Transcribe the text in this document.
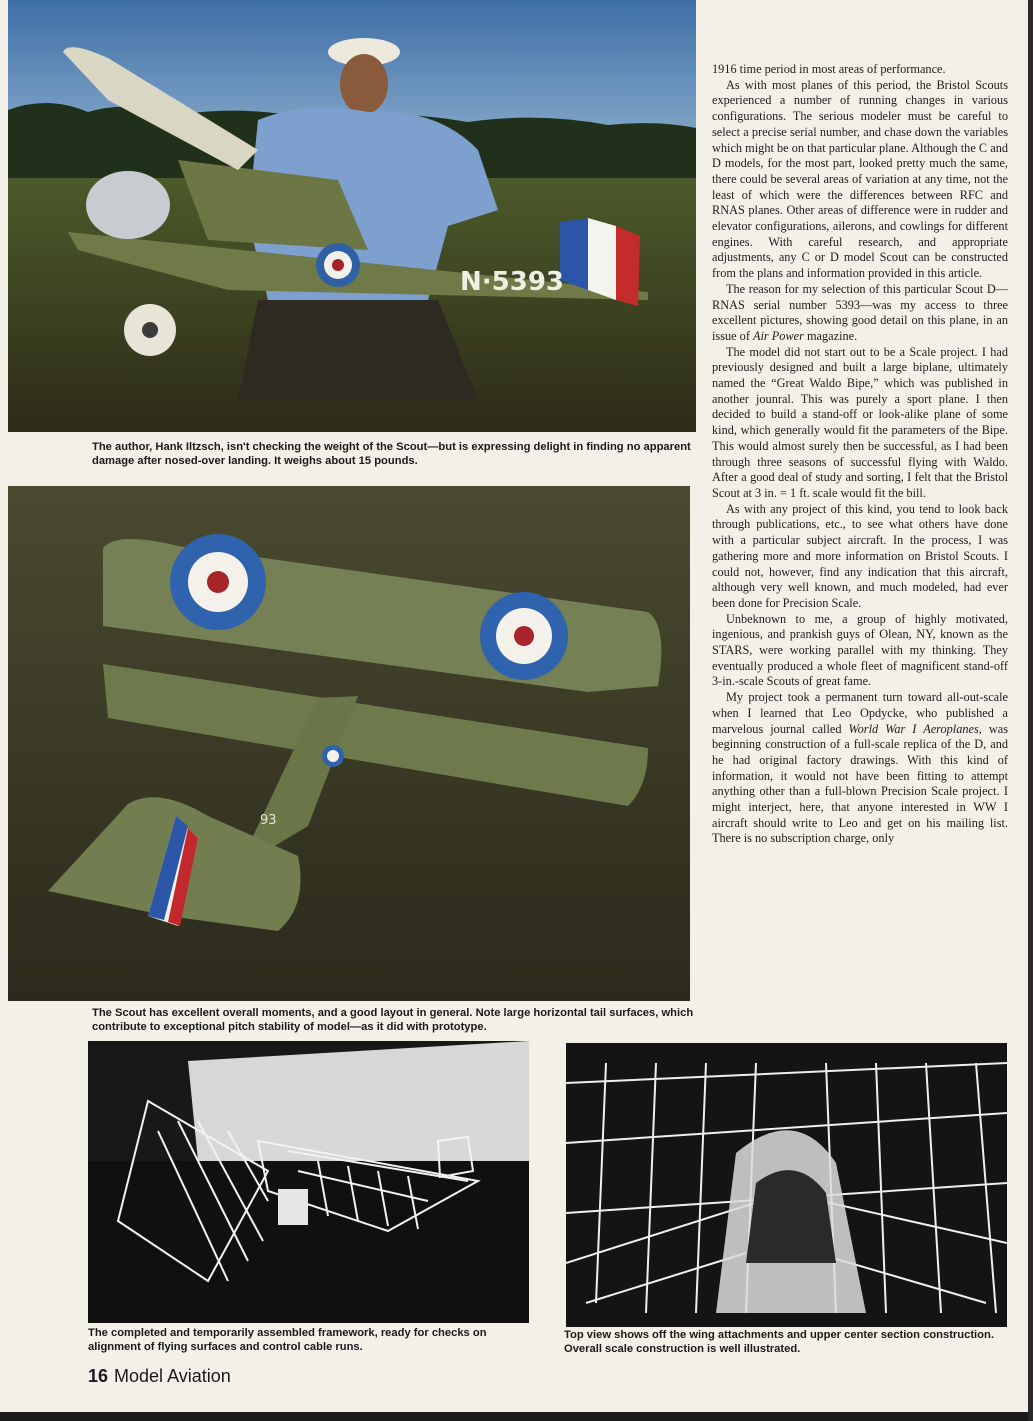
N·5393

The author, Hank Iltzsch, isn't checking the weight of the Scout—but is expressing delight in finding no apparent damage after nosed-over landing. It weighs about 15 pounds.

93

The Scout has excellent overall moments, and a good layout in general. Note large horizontal tail surfaces, which contribute to exceptional pitch stability of model—as it did with prototype.

The completed and temporarily assembled framework, ready for checks on alignment of flying surfaces and control cable runs.

Top view shows off the wing attachments and upper center section construction. Overall scale construction is well illustrated.

1916 time period in most areas of performance.

As with most planes of this period, the Bristol Scouts experienced a number of running changes in various configurations. The serious modeler must be careful to select a precise serial number, and chase down the variables which might be on that particular plane. Although the C and D models, for the most part, looked pretty much the same, there could be several areas of variation at any time, not the least of which were the differences between RFC and RNAS planes. Other areas of difference were in rudder and elevator configurations, ailerons, and cowlings for different engines. With careful research, and appropriate adjustments, any C or D model Scout can be constructed from the plans and information provided in this article.

The reason for my selection of this particular Scout D—RNAS serial number 5393—was my access to three excellent pictures, showing good detail on this plane, in an issue of Air Power magazine.

The model did not start out to be a Scale project. I had previously designed and built a large biplane, ultimately named the “Great Waldo Bipe,” which was published in another jounral. This was purely a sport plane. I then decided to build a stand-off or look-alike plane of some kind, which generally would fit the parameters of the Bipe. This would almost surely then be successful, as I had been through three seasons of successful flying with Waldo. After a good deal of study and sorting, I felt that the Bristol Scout at 3 in. = 1 ft. scale would fit the bill.

As with any project of this kind, you tend to look back through publications, etc., to see what others have done with a particular subject aircraft. In the process, I was gathering more and more information on Bristol Scouts. I could not, however, find any indication that this aircraft, although very well known, and much modeled, had ever been done for Precision Scale.

Unbeknown to me, a group of highly motivated, ingenious, and prankish guys of Olean, NY, known as the STARS, were working parallel with my thinking. They eventually produced a whole fleet of magnificent stand-off 3-in.-scale Scouts of great fame.

My project took a permanent turn toward all-out-scale when I learned that Leo Opdycke, who published a marvelous journal called World War I Aeroplanes, was beginning construction of a full-scale replica of the D, and he had original factory drawings. With this kind of information, it would not have been fitting to attempt anything other than a full-blown Precision Scale project. I might interject, here, that anyone interested in WW I aircraft should write to Leo and get on his mailing list. There is no subscription charge, only

16 Model Aviation
